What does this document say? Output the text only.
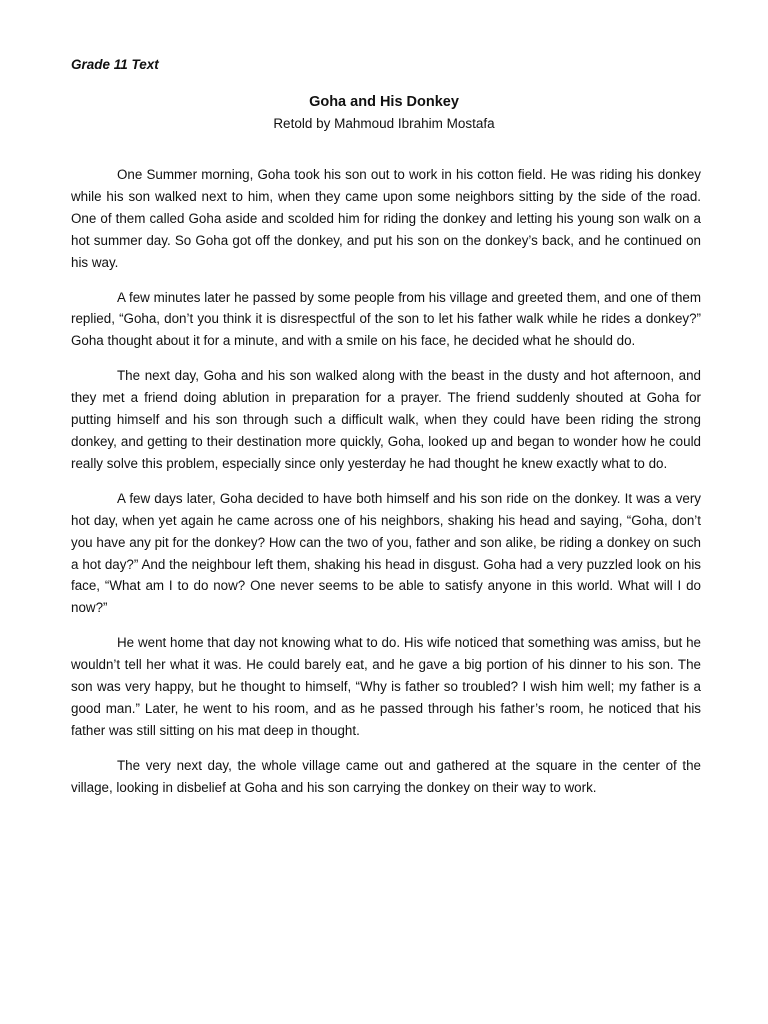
Grade 11 Text

Goha and His Donkey

Retold by Mahmoud Ibrahim Mostafa

One Summer morning, Goha took his son out to work in his cotton field. He was riding his donkey while his son walked next to him, when they came upon some neighbors sitting by the side of the road. One of them called Goha aside and scolded him for riding the donkey and letting his young son walk on a hot summer day. So Goha got off the donkey, and put his son on the donkey’s back, and he continued on his way.

A few minutes later he passed by some people from his village and greeted them, and one of them replied, “Goha, don’t you think it is disrespectful of the son to let his father walk while he rides a donkey?” Goha thought about it for a minute, and with a smile on his face, he decided what he should do.

The next day, Goha and his son walked along with the beast in the dusty and hot afternoon, and they met a friend doing ablution in preparation for a prayer. The friend suddenly shouted at Goha for putting himself and his son through such a difficult walk, when they could have been riding the strong donkey, and getting to their destination more quickly, Goha, looked up and began to wonder how he could really solve this problem, especially since only yesterday he had thought he knew exactly what to do.

A few days later, Goha decided to have both himself and his son ride on the donkey. It was a very hot day, when yet again he came across one of his neighbors, shaking his head and saying, “Goha, don’t you have any pit for the donkey? How can the two of you, father and son alike, be riding a donkey on such a hot day?” And the neighbour left them, shaking his head in disgust. Goha had a very puzzled look on his face, “What am I to do now? One never seems to be able to satisfy anyone in this world. What will I do now?”

He went home that day not knowing what to do. His wife noticed that something was amiss, but he wouldn’t tell her what it was. He could barely eat, and he gave a big portion of his dinner to his son. The son was very happy, but he thought to himself, “Why is father so troubled? I wish him well; my father is a good man.” Later, he went to his room, and as he passed through his father’s room, he noticed that his father was still sitting on his mat deep in thought.

The very next day, the whole village came out and gathered at the square in the center of the village, looking in disbelief at Goha and his son carrying the donkey on their way to work.
